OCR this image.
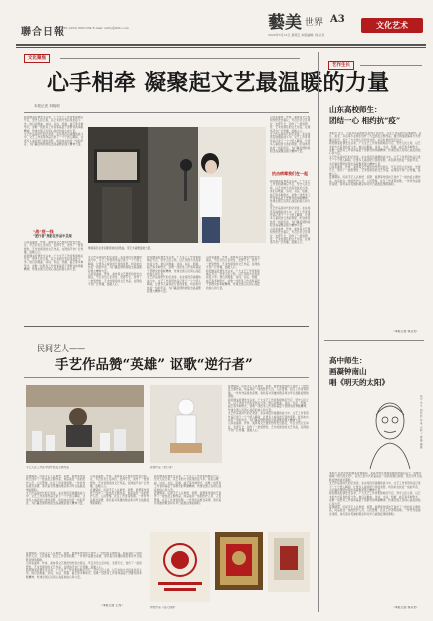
聯合日報
TEL:(053) 6601234 E-mail: unity@lhrb.com	藝美 世界 A3
2020年3月13日 星期五 本版编辑: 徐从龙
文化艺术
文化聚焦
心手相牵 凝聚起文艺最温暖的力量
本报记者 刘晓明
新冠肺炎疫情发生以来，广大文艺工作者积极响应号召，坚守人民立场，以艺术的方式投身抗疫斗争。他们以歌曲、诗词、书法、绘画、曲艺等多种形式，讴歌一线医务工作者和基层干部群众的奉献精神，传递全国人民同心战疫的信心和力量。
文艺作品是时代的记录者。在这场没有硝烟的战斗中，文艺工作者用作品记录下一个个感人瞬间，让更多人看到逆行者的身影，听到来自抗疫一线的声音，为打赢疫情防控阻击战凝聚起强大精神力量。
“战”疫一线
“逆行者”身影在作品中呈现
山东省曲协、作协、美协等文艺组织纷纷发出倡议，号召会员立足岗位、发挥专长，创作了一批思想性、艺术性俱佳的文艺作品，在网络平台广泛传播，温暖人心。
新冠肺炎疫情发生以来，广大文艺工作者积极响应号召，坚守人民立场，以艺术的方式投身抗疫斗争。他们以歌曲、诗词、书法、绘画、曲艺等多种形式，讴歌一线医务工作者和基层干部群众的奉献精神，传递全国人民同心战疫的信心和力量。
歌唱演员在录音棚录制抗疫歌曲，用艺术凝聚温暖力量。
文艺作品是时代的记录者。在这场没有硝烟的战斗中，文艺工作者用作品记录下一个个感人瞬间，让更多人看到逆行者的身影，听到来自抗疫一线的声音，为打赢疫情防控阻击战凝聚起强大精神力量。
山东省曲协、作协、美协等文艺组织纷纷发出倡议，号召会员立足岗位、发挥专长，创作了一批思想性、艺术性俱佳的文艺作品，在网络平台广泛传播，温暖人心。
新冠肺炎疫情发生以来，广大文艺工作者积极响应号召，坚守人民立场，以艺术的方式投身抗疫斗争。他们以歌曲、诗词、书法、绘画、曲艺等多种形式，讴歌一线医务工作者和基层干部群众的奉献精神，传递全国人民同心战疫的信心和力量。
文艺作品是时代的记录者。在这场没有硝烟的战斗中，文艺工作者用作品记录下一个个感人瞬间，让更多人看到逆行者的身影，听到来自抗疫一线的声音，为打赢疫情防控阻击战凝聚起强大精神力量。
山东省曲协、作协、美协等文艺组织纷纷发出倡议，号召会员立足岗位、发挥专长，创作了一批思想性、艺术性俱佳的文艺作品，在网络平台广泛传播，温暖人心。
新冠肺炎疫情发生以来，广大文艺工作者积极响应号召，坚守人民立场，以艺术的方式投身抗疫斗争。他们以歌曲、诗词、书法、绘画、曲艺等多种形式，讴歌一线医务工作者和基层干部群众的奉献精神，传递全国人民同心战疫的信心和力量。
山东省曲协、作协、美协等文艺组织纷纷发出倡议，号召会员立足岗位、发挥专长，创作了一批思想性、艺术性俱佳的文艺作品，在网络平台广泛传播，温暖人心。
文艺作品是时代的记录者。在这场没有硝烟的战斗中，文艺工作者用作品记录下一个个感人瞬间，让更多人看到逆行者的身影，听到来自抗疫一线的声音，为打赢疫情防控阻击战凝聚起强大精神力量。
抗击病毒我们在一起
新冠肺炎疫情发生以来，广大文艺工作者积极响应号召，坚守人民立场，以艺术的方式投身抗疫斗争。他们以歌曲、诗词、书法、绘画、曲艺等多种形式，讴歌一线医务工作者和基层干部群众的奉献精神，传递全国人民同心战疫的信心和力量。
文艺作品是时代的记录者。在这场没有硝烟的战斗中，文艺工作者用作品记录下一个个感人瞬间，让更多人看到逆行者的身影，听到来自抗疫一线的声音，为打赢疫情防控阻击战凝聚起强大精神力量。
山东省曲协、作协、美协等文艺组织纷纷发出倡议，号召会员立足岗位、发挥专长，创作了一批思想性、艺术性俱佳的文艺作品，在网络平台广泛传播，温暖人心。
民间艺人——
手艺作品赞“英雄” 讴歌“逆行者”
手艺人在工作室中创作抗疫主题作品	泥塑作品《逆行者》
疫情期间，民间手艺人以剪纸、泥塑、面塑等传统技艺创作了一批抗疫主题作品，向奋战在一线的医护人员、人民警察、社区工作者等致敬。一件件作品饱含深情，寄托着对英雄的敬意和对早日战胜疫情的期盼。
新冠肺炎疫情发生以来，广大文艺工作者积极响应号召，坚守人民立场，以艺术的方式投身抗疫斗争。他们以歌曲、诗词、书法、绘画、曲艺等多种形式，讴歌一线医务工作者和基层干部群众的奉献精神，传递全国人民同心战疫的信心和力量。
文艺作品是时代的记录者。在这场没有硝烟的战斗中，文艺工作者用作品记录下一个个感人瞬间，让更多人看到逆行者的身影，听到来自抗疫一线的声音，为打赢疫情防控阻击战凝聚起强大精神力量。
山东省曲协、作协、美协等文艺组织纷纷发出倡议，号召会员立足岗位、发挥专长，创作了一批思想性、艺术性俱佳的文艺作品，在网络平台广泛传播，温暖人心。
疫情期间，民间手艺人以剪纸、泥塑、面塑等传统技艺创作了一批抗疫主题作品，向奋战在一线的医护人员、人民警察、社区工作者等致敬。一件件作品饱含深情，寄托着对英雄的敬意和对早日战胜疫情的期盼。
文艺作品是时代的记录者。在这场没有硝烟的战斗中，文艺工作者用作品记录下一个个感人瞬间，让更多人看到逆行者的身影，听到来自抗疫一线的声音，为打赢疫情防控阻击战凝聚起强大精神力量。
山东省曲协、作协、美协等文艺组织纷纷发出倡议，号召会员立足岗位、发挥专长，创作了一批思想性、艺术性俱佳的文艺作品，在网络平台广泛传播，温暖人心。
疫情期间，民间手艺人以剪纸、泥塑、面塑等传统技艺创作了一批抗疫主题作品，向奋战在一线的医护人员、人民警察、社区工作者等致敬。一件件作品饱含深情，寄托着对英雄的敬意和对早日战胜疫情的期盼。
新冠肺炎疫情发生以来，广大文艺工作者积极响应号召，坚守人民立场，以艺术的方式投身抗疫斗争。他们以歌曲、诗词、书法、绘画、曲艺等多种形式，讴歌一线医务工作者和基层干部群众的奉献精神，传递全国人民同心战疫的信心和力量。
疫情期间，民间手艺人以剪纸、泥塑、面塑等传统技艺创作了一批抗疫主题作品，向奋战在一线的医护人员、人民警察、社区工作者等致敬。一件件作品饱含深情，寄托着对英雄的敬意和对早日战胜疫情的期盼。
疫情期间，民间手艺人以剪纸、泥塑、面塑等传统技艺创作了一批抗疫主题作品，向奋战在一线的医护人员、人民警察、社区工作者等致敬。一件件作品饱含深情，寄托着对英雄的敬意和对早日战胜疫情的期盼。
山东省曲协、作协、美协等文艺组织纷纷发出倡议，号召会员立足岗位、发挥专长，创作了一批思想性、艺术性俱佳的文艺作品，在网络平台广泛传播，温暖人心。
新冠肺炎疫情发生以来，广大文艺工作者积极响应号召，坚守人民立场，以艺术的方式投身抗疫斗争。他们以歌曲、诗词、书法、绘画、曲艺等多种形式，讴歌一线医务工作者和基层干部群众的奉献精神，传递全国人民同心战疫的信心和力量。
（本报记者 王涛）
剪纸作品《武汉加油》
艺作生长
山东高校师生：
团结一心 相约抗“疫”
本报讯 近日，山东多所高校师生发挥专业优势，以文艺作品助力疫情防控。音乐、美术、书法等专业师生创作了大量抗疫主题作品，通过网络展演等方式传播正能量，表达了与全国人民同舟共济、共克时艰的坚定信念。
新冠肺炎疫情发生以来，广大文艺工作者积极响应号召，坚守人民立场，以艺术的方式投身抗疫斗争。他们以歌曲、诗词、书法、绘画、曲艺等多种形式，讴歌一线医务工作者和基层干部群众的奉献精神，传递全国人民同心战疫的信心和力量。
文艺作品是时代的记录者。在这场没有硝烟的战斗中，文艺工作者用作品记录下一个个感人瞬间，让更多人看到逆行者的身影，听到来自抗疫一线的声音，为打赢疫情防控阻击战凝聚起强大精神力量。
山东省曲协、作协、美协等文艺组织纷纷发出倡议，号召会员立足岗位、发挥专长，创作了一批思想性、艺术性俱佳的文艺作品，在网络平台广泛传播，温暖人心。
疫情期间，民间手艺人以剪纸、泥塑、面塑等传统技艺创作了一批抗疫主题作品，向奋战在一线的医护人员、人民警察、社区工作者等致敬。一件件作品饱含深情，寄托着对英雄的敬意和对早日战胜疫情的期盼。
（本报记者 徐从龙）
高中师生：
画凝钟南山
唱《明天的太阳》
高中学生创作的钟南山院士素描画像
本报讯 在抗击新冠肺炎疫情期间，某高中师生用画笔描绘钟南山院士，用歌声唱响《明天的太阳》，以自己的方式向奋战在一线的英雄们致敬，表达对早日战胜疫情的美好期盼。
文艺作品是时代的记录者。在这场没有硝烟的战斗中，文艺工作者用作品记录下一个个感人瞬间，让更多人看到逆行者的身影，听到来自抗疫一线的声音，为打赢疫情防控阻击战凝聚起强大精神力量。
新冠肺炎疫情发生以来，广大文艺工作者积极响应号召，坚守人民立场，以艺术的方式投身抗疫斗争。他们以歌曲、诗词、书法、绘画、曲艺等多种形式，讴歌一线医务工作者和基层干部群众的奉献精神，传递全国人民同心战疫的信心和力量。
疫情期间，民间手艺人以剪纸、泥塑、面塑等传统技艺创作了一批抗疫主题作品，向奋战在一线的医护人员、人民警察、社区工作者等致敬。一件件作品饱含深情，寄托着对英雄的敬意和对早日战胜疫情的期盼。
（本报记者 徐从龙）
